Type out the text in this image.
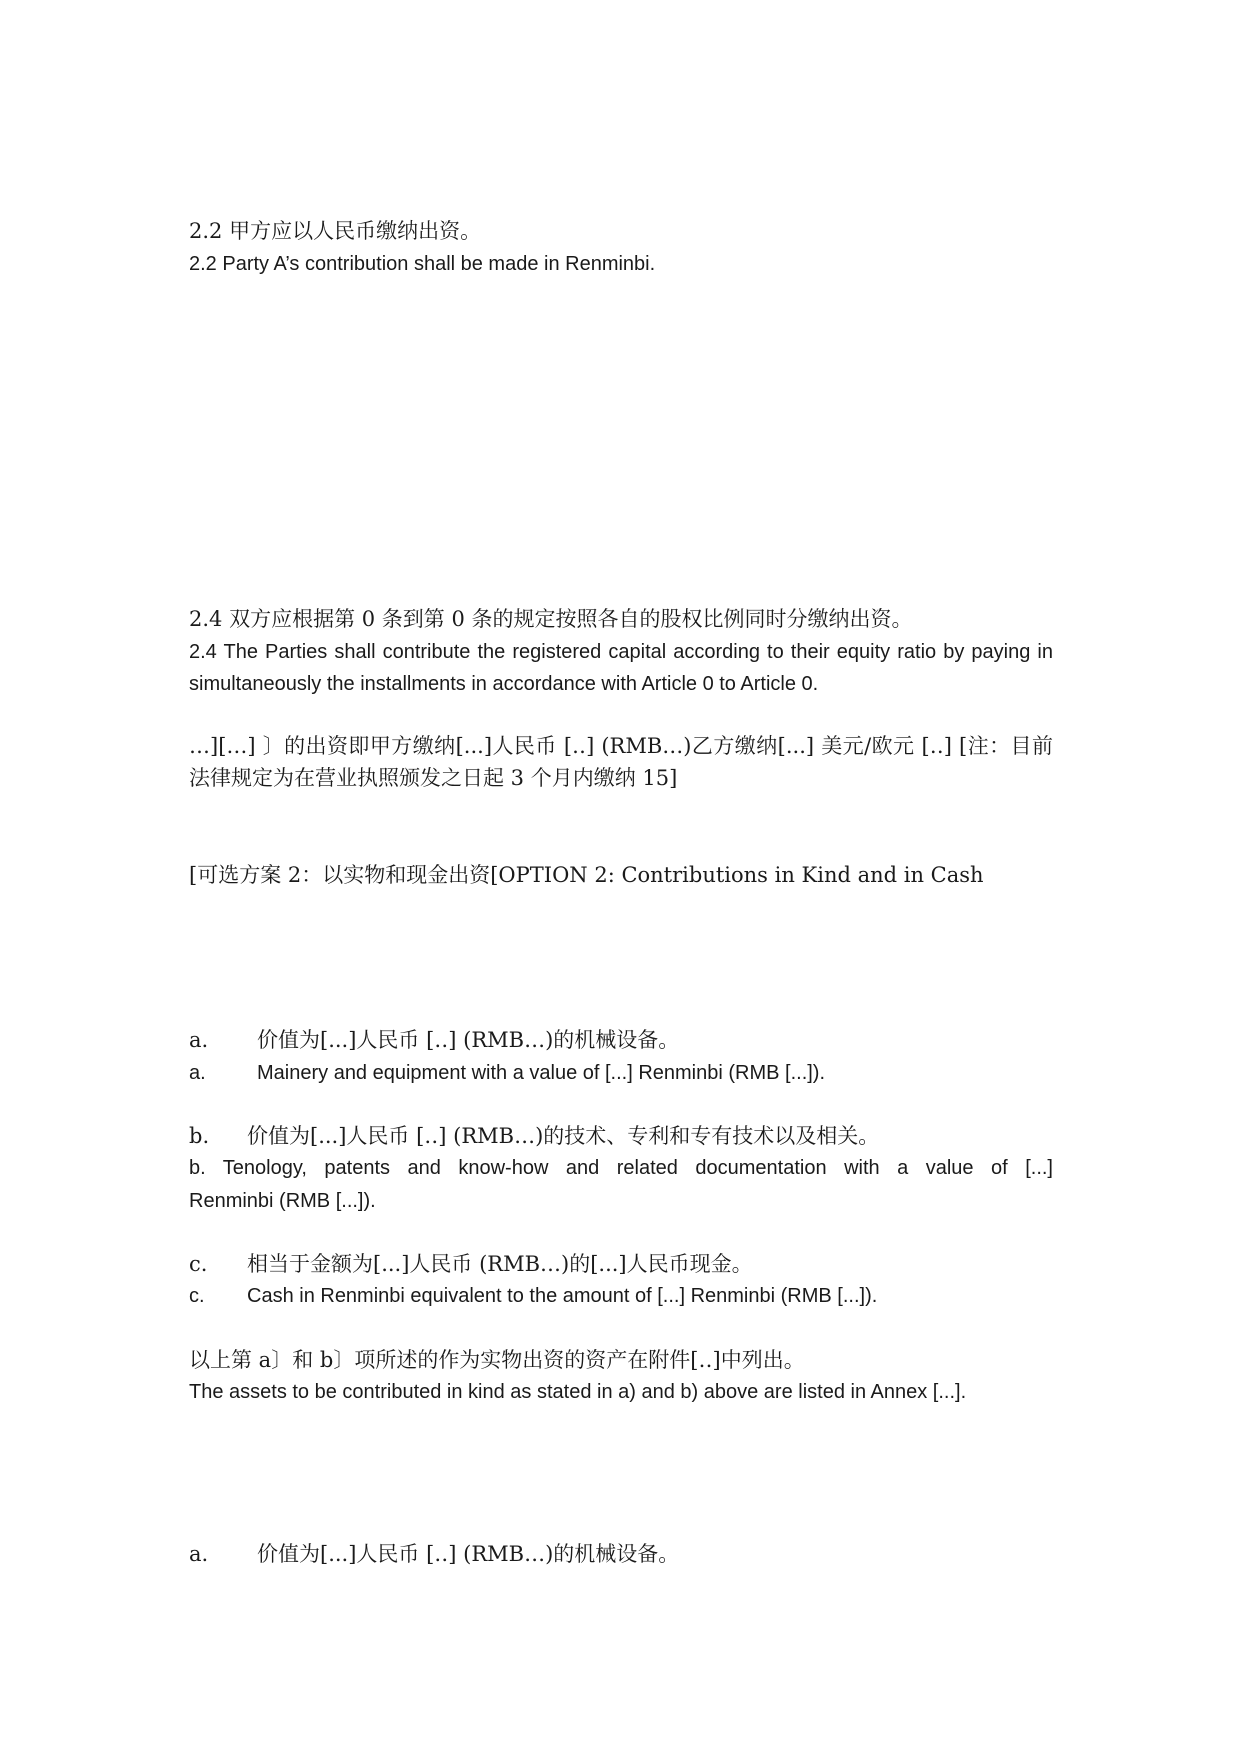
2.2 甲方应以人民币缴纳出资。

2.2 Party A’s contribution shall be made in Renminbi.

2.4 双方应根据第 0 条到第 0 条的规定按照各自的股权比例同时分缴纳出资。

2.4 The Parties shall contribute the registered capital according to their equity ratio by paying in

simultaneously the installments in accordance with Article 0 to Article 0.

…][…] 〕的出资即甲方缴纳[...]人民币 [‥] (RMB…)乙方缴纳[...] 美元/欧元 [‥] [注：目前

法律规定为在营业执照颁发之日起 3 个月内缴纳 15]

[可选方案 2：以实物和现金出资[OPTION 2: Contributions in Kind and in Cash

a. 价值为[...]人民币 [‥] (RMB…)的机械设备。

a.	Mainery and equipment with a value of [...] Renminbi (RMB [...]).

b. 价值为[...]人民币 [‥] (RMB…)的技术、专利和专有技术以及相关。

b. Tenology, patents and know-how and related documentation with a value of [...]

Renminbi (RMB [...]).

c. 相当于金额为[...]人民币 (RMB…)的[...]人民币现金。

c. Cash in Renminbi equivalent to the amount of [...] Renminbi (RMB [...]).

以上第 a〕和 b〕项所述的作为实物出资的资产在附件[‥]中列出。

The assets to be contributed in kind as stated in a) and b) above are listed in Annex [...].

a. 价值为[...]人民币 [‥] (RMB…)的机械设备。
